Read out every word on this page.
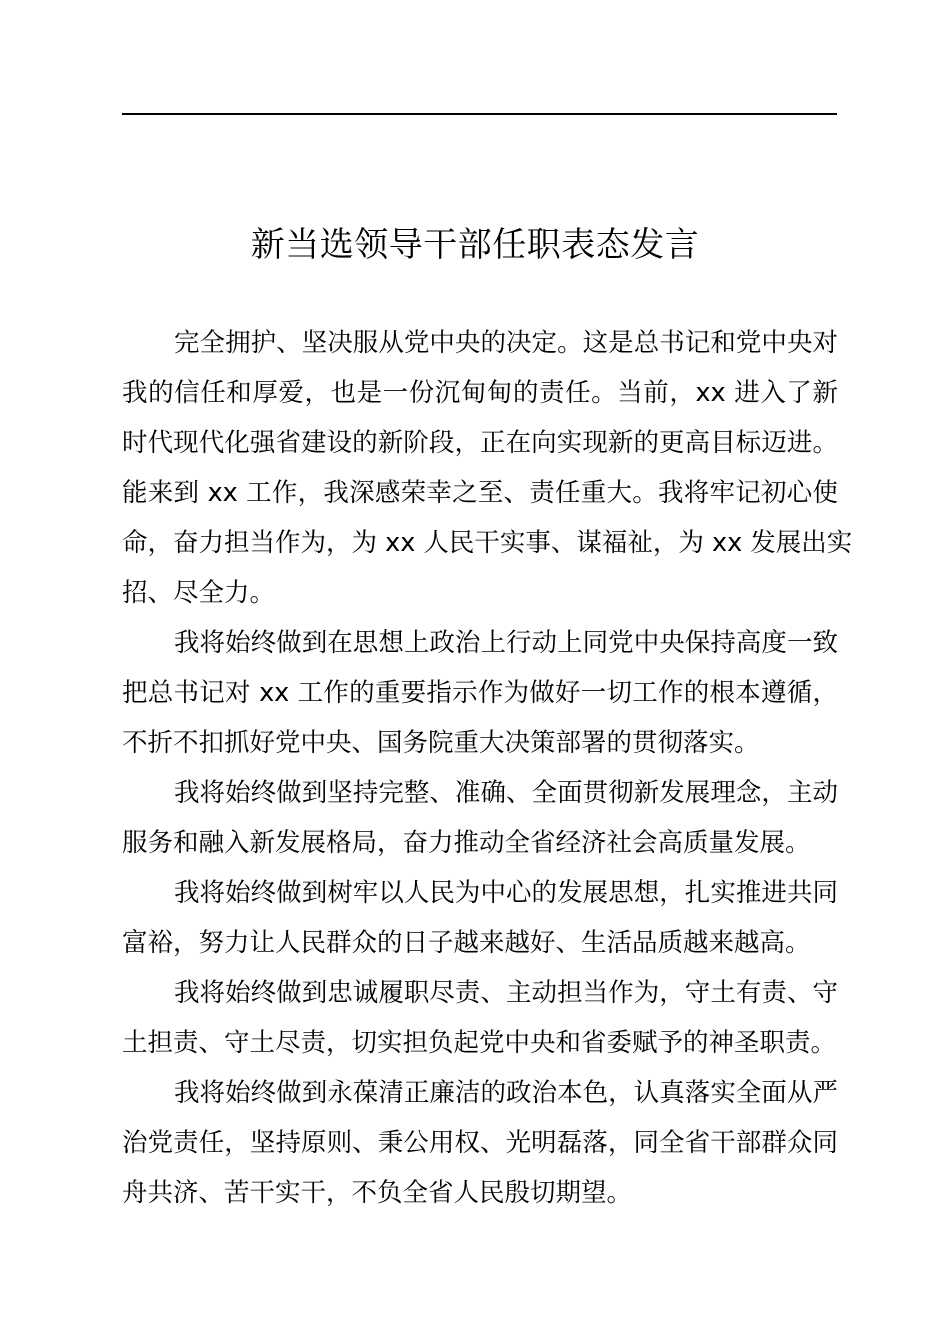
新当选领导干部任职表态发言
完全拥护、坚决服从党中央的决定。这是总书记和党中央对
我的信任和厚爱，也是一份沉甸甸的责任。当前，xx 进入了新
时代现代化强省建设的新阶段，正在向实现新的更高目标迈进。
能来到 xx 工作，我深感荣幸之至、责任重大。我将牢记初心使
命，奋力担当作为，为 xx 人民干实事、谋福祉，为 xx 发展出实
招、尽全力。
我将始终做到在思想上政治上行动上同党中央保持高度一致
把总书记对 xx 工作的重要指示作为做好一切工作的根本遵循，
不折不扣抓好党中央、国务院重大决策部署的贯彻落实。
我将始终做到坚持完整、准确、全面贯彻新发展理念，主动
服务和融入新发展格局，奋力推动全省经济社会高质量发展。
我将始终做到树牢以人民为中心的发展思想，扎实推进共同
富裕，努力让人民群众的日子越来越好、生活品质越来越高。
我将始终做到忠诚履职尽责、主动担当作为，守土有责、守
土担责、守土尽责，切实担负起党中央和省委赋予的神圣职责。
我将始终做到永葆清正廉洁的政治本色，认真落实全面从严
治党责任，坚持原则、秉公用权、光明磊落，同全省干部群众同
舟共济、苦干实干，不负全省人民殷切期望。
